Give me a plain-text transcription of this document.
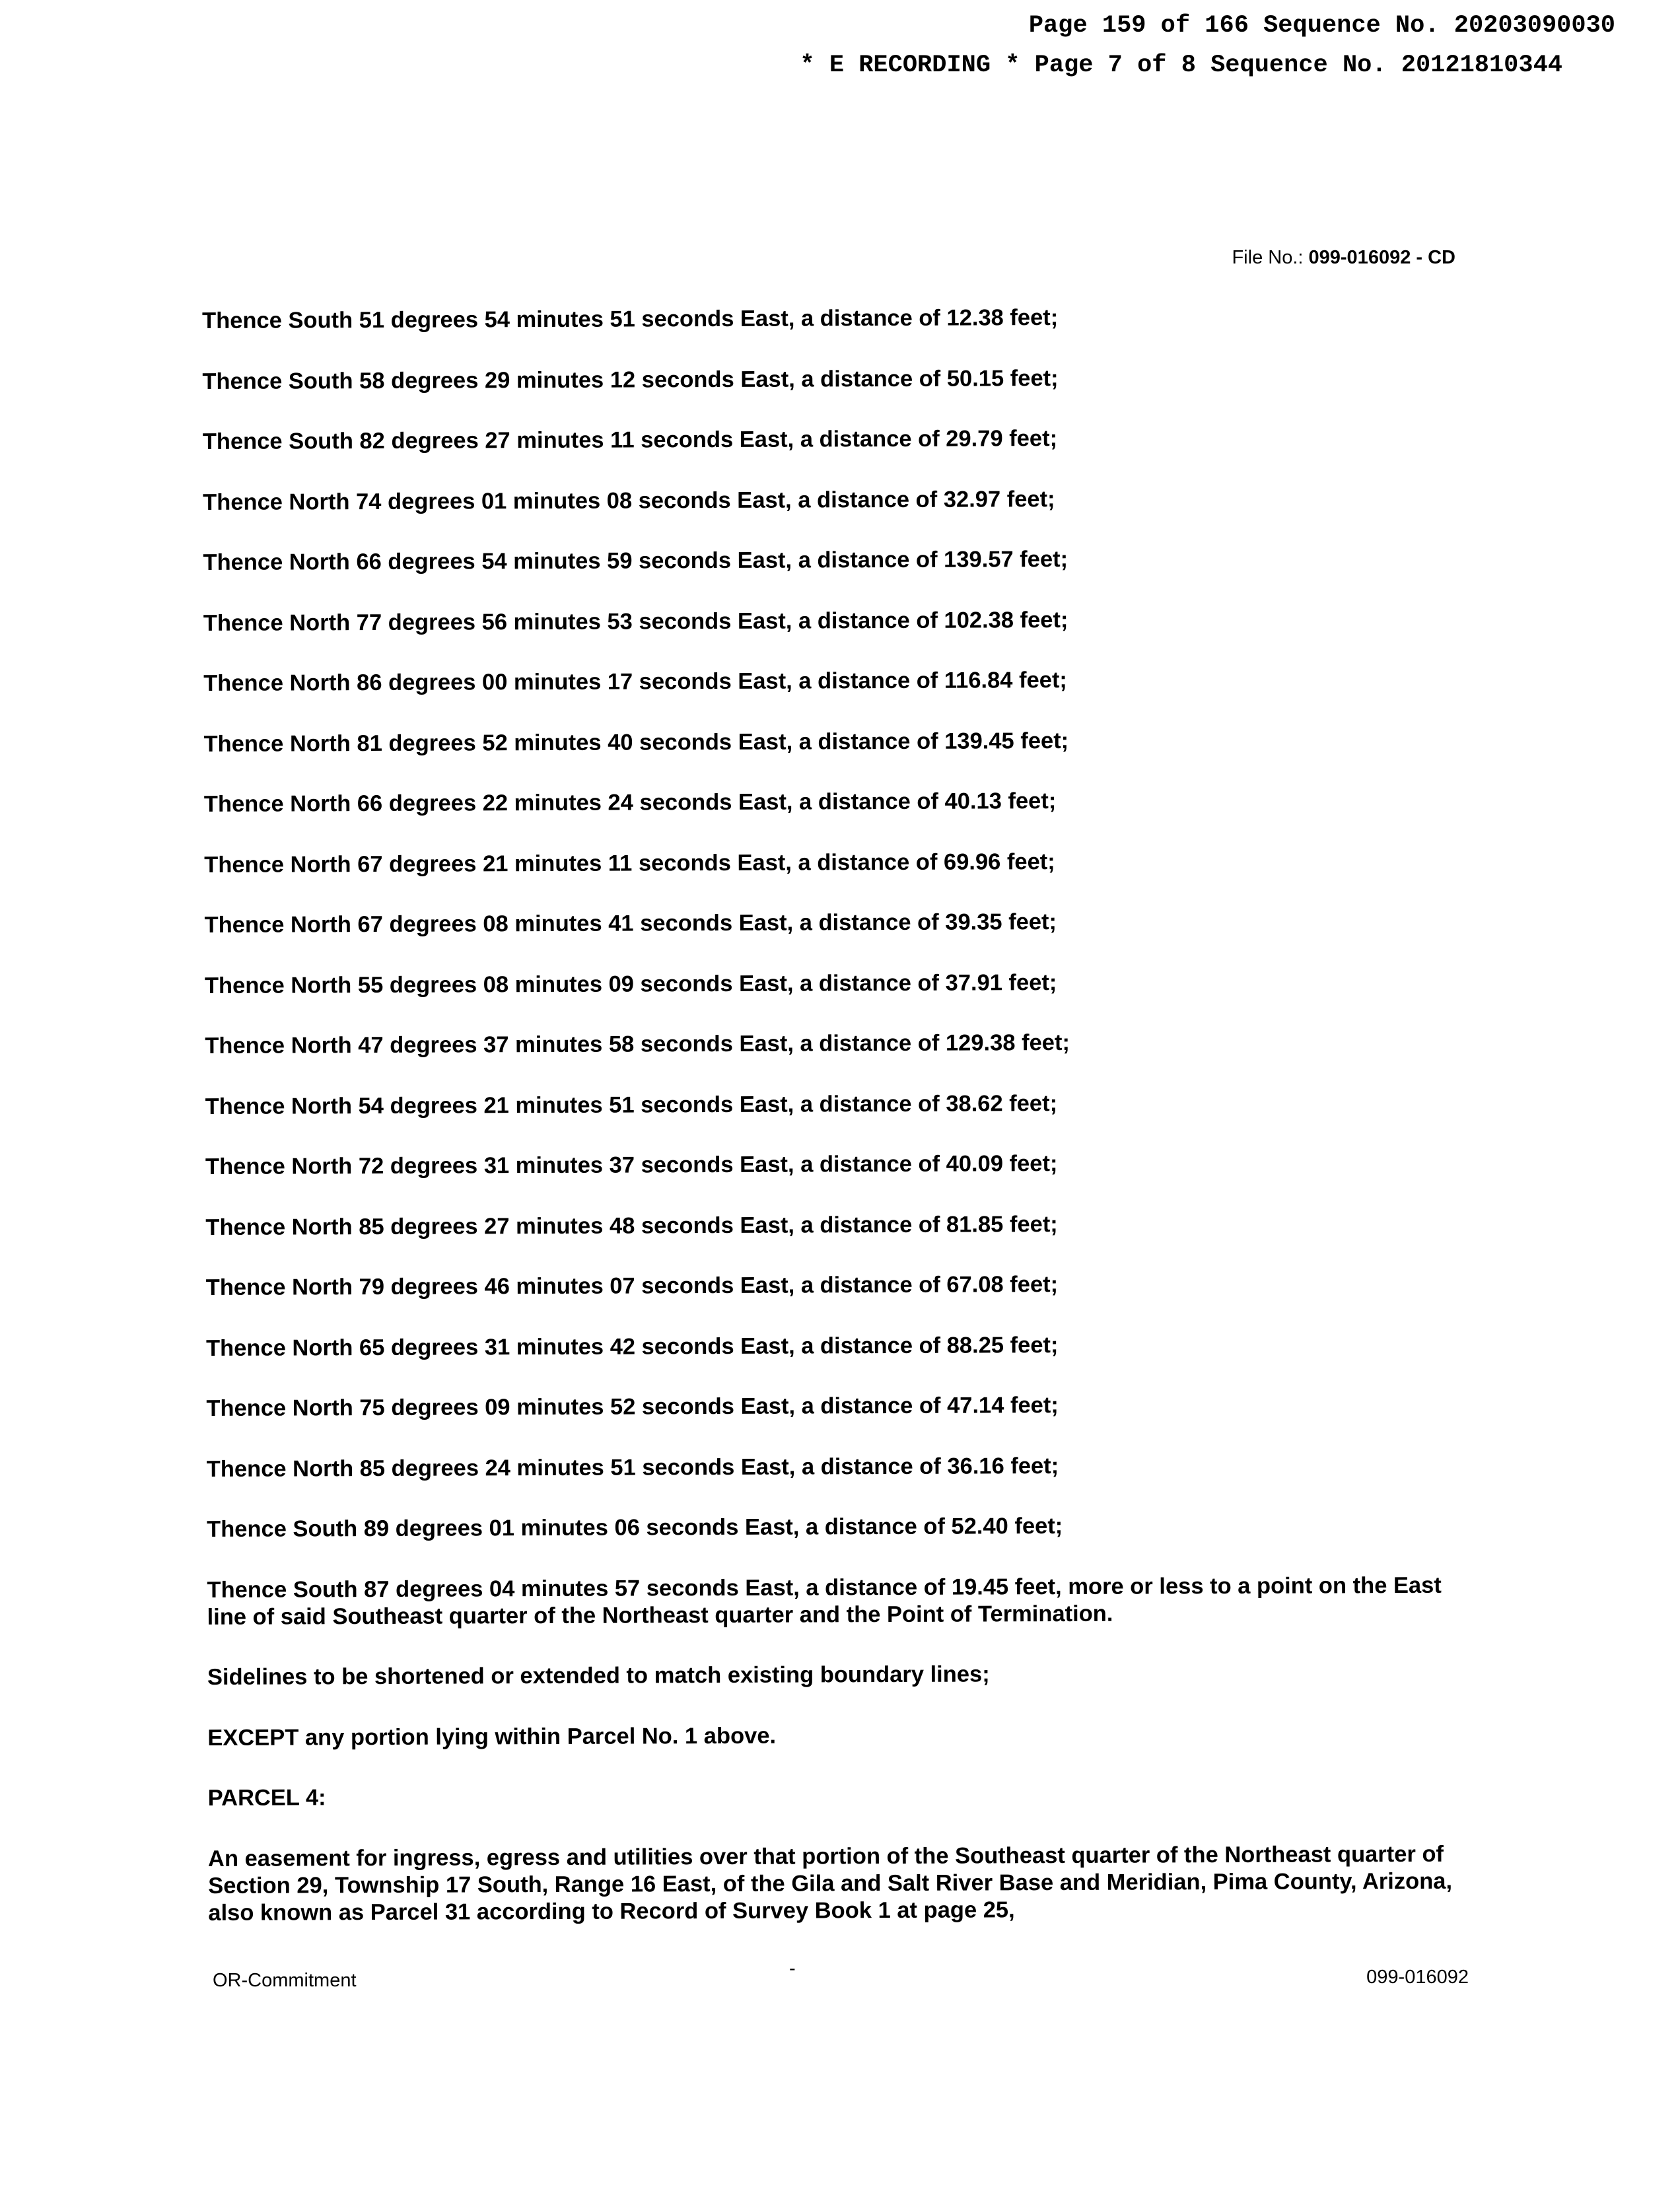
Page 159 of 166 Sequence No. 20203090030
* E RECORDING * Page 7 of 8 Sequence No. 20121810344
File No.: 099-016092 - CD
Thence South 51 degrees 54 minutes 51 seconds East, a distance of 12.38 feet;
Thence South 58 degrees 29 minutes 12 seconds East, a distance of 50.15 feet;
Thence South 82 degrees 27 minutes 11 seconds East, a distance of 29.79 feet;
Thence North 74 degrees 01 minutes 08 seconds East, a distance of 32.97 feet;
Thence North 66 degrees 54 minutes 59 seconds East, a distance of 139.57 feet;
Thence North 77 degrees 56 minutes 53 seconds East, a distance of 102.38 feet;
Thence North 86 degrees 00 minutes 17 seconds East, a distance of 116.84 feet;
Thence North 81 degrees 52 minutes 40 seconds East, a distance of 139.45 feet;
Thence North 66 degrees 22 minutes 24 seconds East, a distance of 40.13 feet;
Thence North 67 degrees 21 minutes 11 seconds East, a distance of 69.96 feet;
Thence North 67 degrees 08 minutes 41 seconds East, a distance of 39.35 feet;
Thence North 55 degrees 08 minutes 09 seconds East, a distance of 37.91 feet;
Thence North 47 degrees 37 minutes 58 seconds East, a distance of 129.38 feet;
Thence North 54 degrees 21 minutes 51 seconds East, a distance of 38.62 feet;
Thence North 72 degrees 31 minutes 37 seconds East, a distance of 40.09 feet;
Thence North 85 degrees 27 minutes 48 seconds East, a distance of 81.85 feet;
Thence North 79 degrees 46 minutes 07 seconds East, a distance of 67.08 feet;
Thence North 65 degrees 31 minutes 42 seconds East, a distance of 88.25 feet;
Thence North 75 degrees 09 minutes 52 seconds East, a distance of 47.14 feet;
Thence North 85 degrees 24 minutes 51 seconds East, a distance of 36.16 feet;
Thence South 89 degrees 01 minutes 06 seconds East, a distance of 52.40 feet;
Thence South 87 degrees 04 minutes 57 seconds East, a distance of 19.45 feet, more or less to a point on the East line of said Southeast quarter of the Northeast quarter and the Point of Termination.
Sidelines to be shortened or extended to match existing boundary lines;
EXCEPT any portion lying within Parcel No. 1 above.
PARCEL 4:
An easement for ingress, egress and utilities over that portion of the Southeast quarter of the Northeast quarter of Section 29, Township 17 South, Range 16 East, of the Gila and Salt River Base and Meridian, Pima County, Arizona, also known as Parcel 31 according to Record of Survey Book 1 at page 25,
OR-Commitment
-	099-016092
